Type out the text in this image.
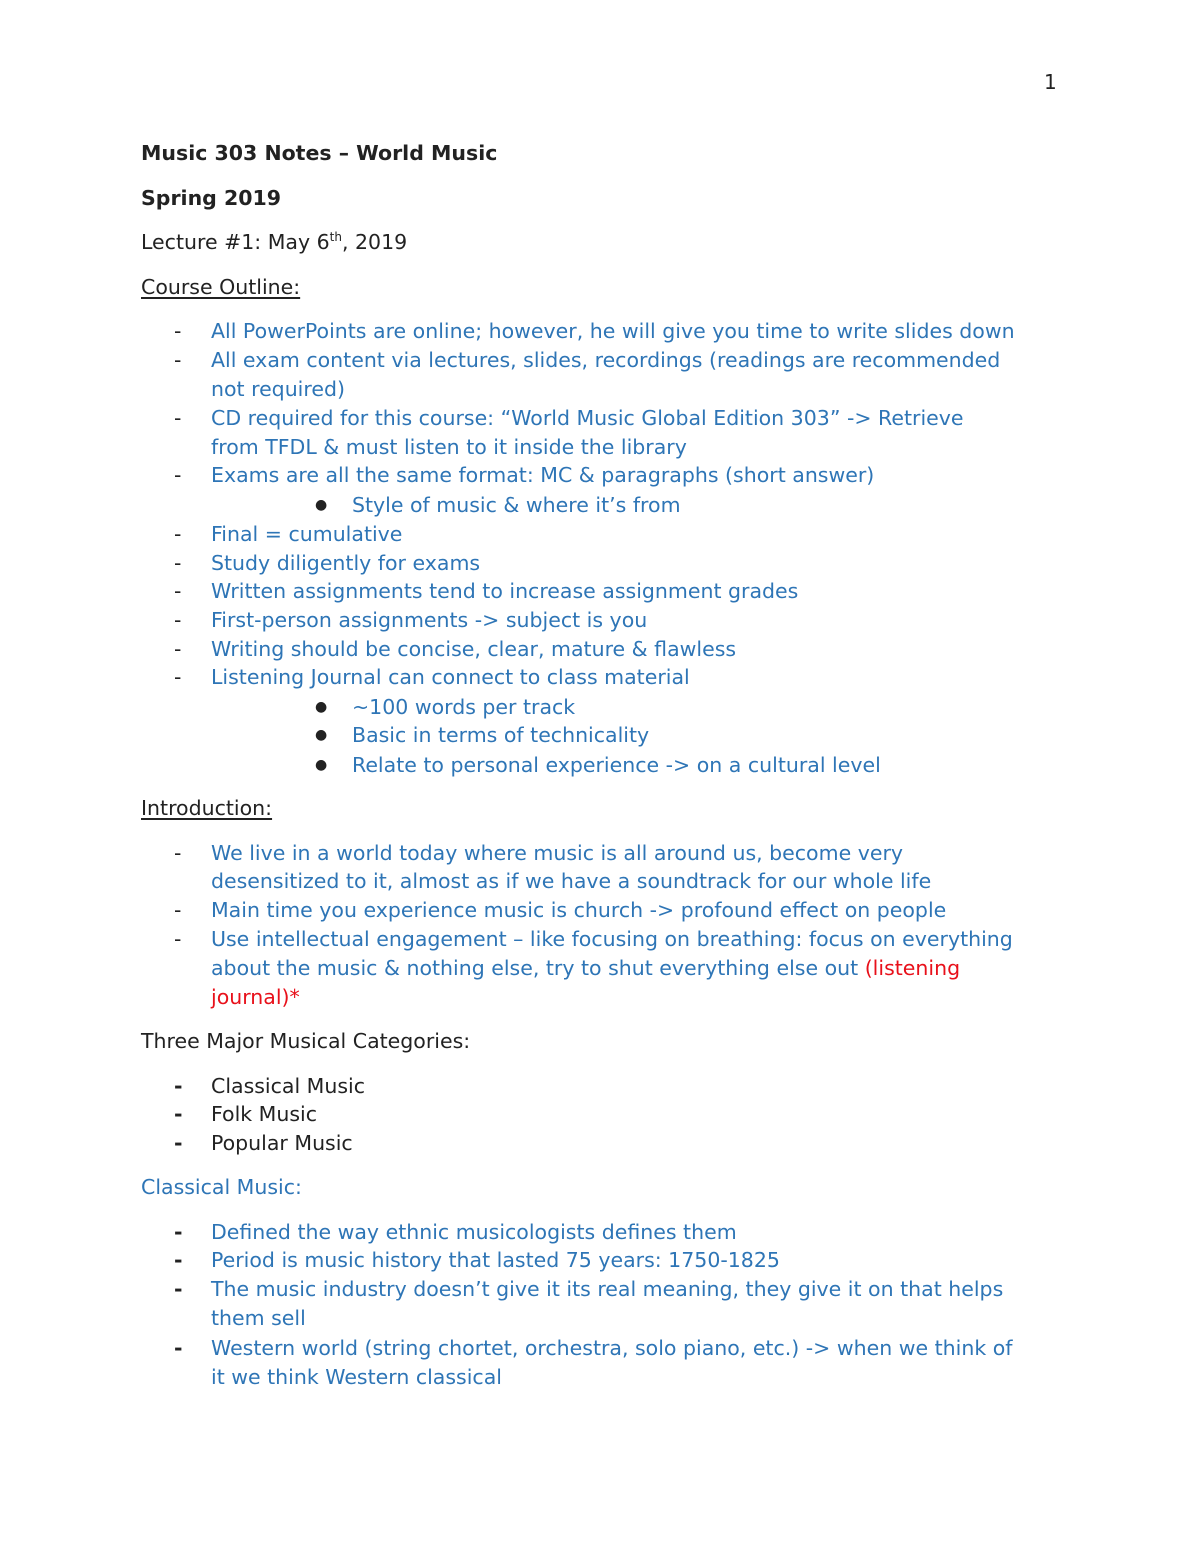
1
Music 303 Notes – World Music
Spring 2019
Lecture #1: May 6th, 2019
Course Outline:
- All PowerPoints are online; however, he will give you time to write slides down
- All exam content via lectures, slides, recordings (readings are recommended
not required)
- CD required for this course: “World Music Global Edition 303” -> Retrieve
from TFDL & must listen to it inside the library
- Exams are all the same format: MC & paragraphs (short answer)
● Style of music & where it’s from
- Final = cumulative
- Study diligently for exams
- Written assignments tend to increase assignment grades
- First-person assignments -> subject is you
- Writing should be concise, clear, mature & flawless
- Listening Journal can connect to class material
● ~100 words per track
● Basic in terms of technicality
● Relate to personal experience -> on a cultural level
Introduction:
- We live in a world today where music is all around us, become very
desensitized to it, almost as if we have a soundtrack for our whole life
- Main time you experience music is church -> profound effect on people
- Use intellectual engagement – like focusing on breathing: focus on everything
about the music & nothing else, try to shut everything else out (listening
journal)*
Three Major Musical Categories:
- Classical Music
- Folk Music
- Popular Music
Classical Music:
- Defined the way ethnic musicologists defines them
- Period is music history that lasted 75 years: 1750-1825
- The music industry doesn’t give it its real meaning, they give it on that helps
them sell
- Western world (string chortet, orchestra, solo piano, etc.) -> when we think of
it we think Western classical
